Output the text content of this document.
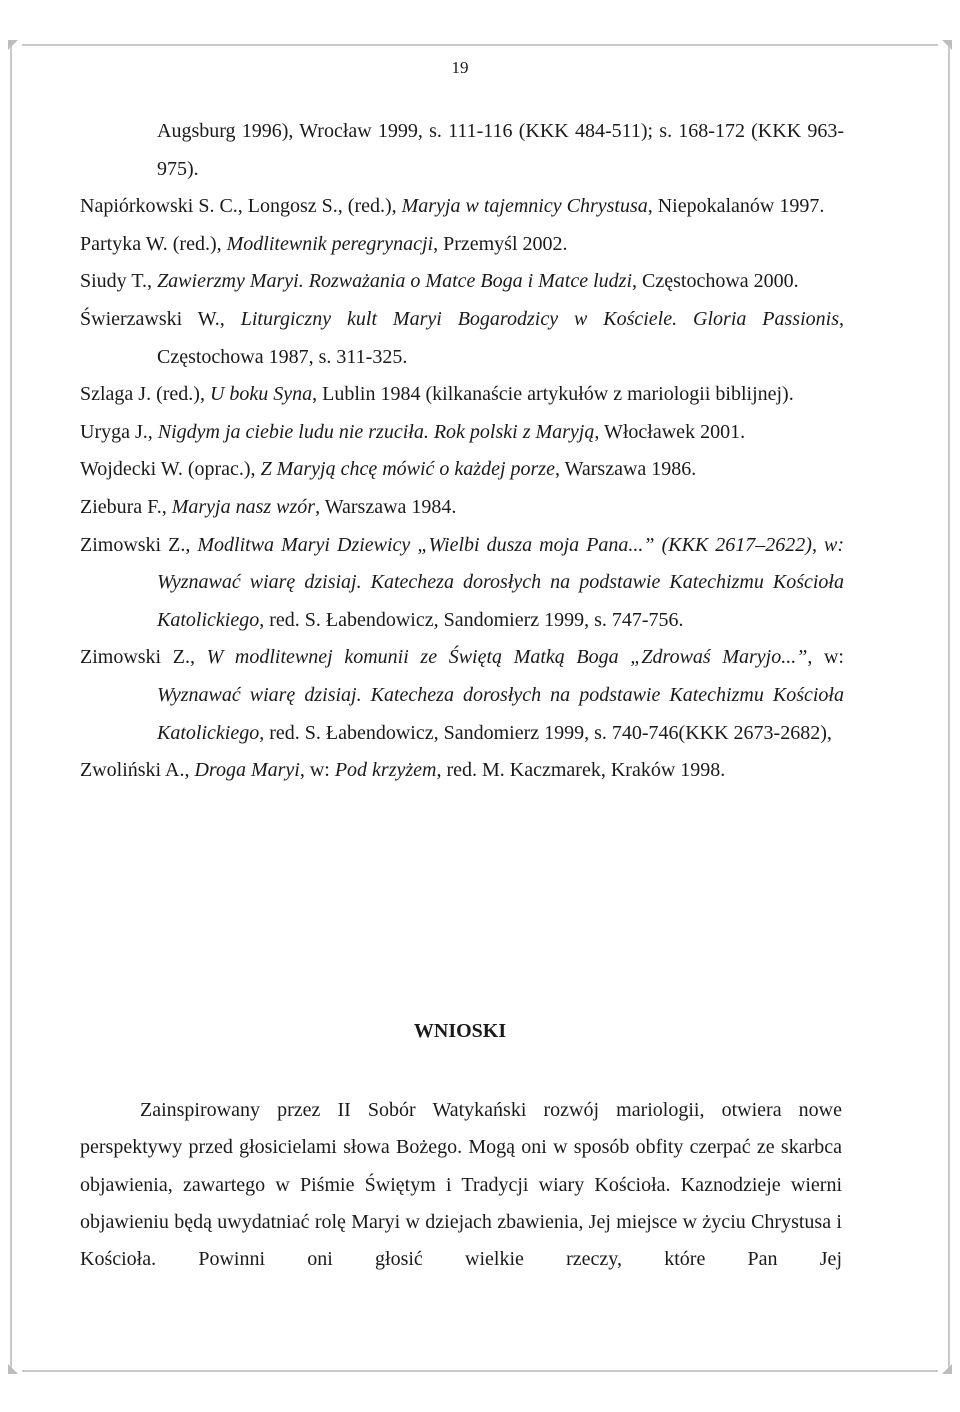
19
Augsburg 1996), Wrocław 1999, s. 111-116 (KKK 484-511); s. 168-172 (KKK 963-975).
Napiórkowski S. C., Longosz S., (red.), Maryja w tajemnicy Chrystusa, Niepokalanów 1997.
Partyka W. (red.), Modlitewnik peregrynacji, Przemyśl 2002.
Siudy T., Zawierzmy Maryi. Rozważania o Matce Boga i Matce ludzi, Częstochowa 2000.
Świerzawski W., Liturgiczny kult Maryi Bogarodzicy w Kościele. Gloria Passionis, Częstochowa 1987, s. 311-325.
Szlaga J. (red.), U boku Syna, Lublin 1984 (kilkanaście artykułów z mariologii biblijnej).
Uryga J., Nigdym ja ciebie ludu nie rzuciła. Rok polski z Maryją, Włocławek 2001.
Wojdecki W. (oprac.), Z Maryją chcę mówić o każdej porze, Warszawa 1986.
Ziebura F., Maryja nasz wzór, Warszawa 1984.
Zimowski Z., Modlitwa Maryi Dziewicy „Wielbi dusza moja Pana...” (KKK 2617–2622), w: Wyznawać wiarę dzisiaj. Katecheza dorosłych na podstawie Katechizmu Kościoła Katolickiego, red. S. Łabendowicz, Sandomierz 1999, s. 747-756.
Zimowski Z., W modlitewnej komunii ze Świętą Matką Boga „Zdrowaś Maryjo...”, w: Wyznawać wiarę dzisiaj. Katecheza dorosłych na podstawie Katechizmu Kościoła Katolickiego, red. S. Łabendowicz, Sandomierz 1999, s. 740-746(KKK 2673-2682),
Zwoliński A., Droga Maryi, w: Pod krzyżem, red. M. Kaczmarek, Kraków 1998.
WNIOSKI

Zainspirowany przez II Sobór Watykański rozwój mariologii, otwiera nowe perspektywy przed głosicielami słowa Bożego. Mogą oni w sposób obfity czerpać ze skarbca objawienia, zawartego w Piśmie Świętym i Tradycji wiary Kościoła. Kaznodzieje wierni objawieniu będą uwydatniać rolę Maryi w dziejach zbawienia, Jej miejsce w życiu Chrystusa i Kościoła. Powinni oni głosić wielkie rzeczy, które Pan Jej
